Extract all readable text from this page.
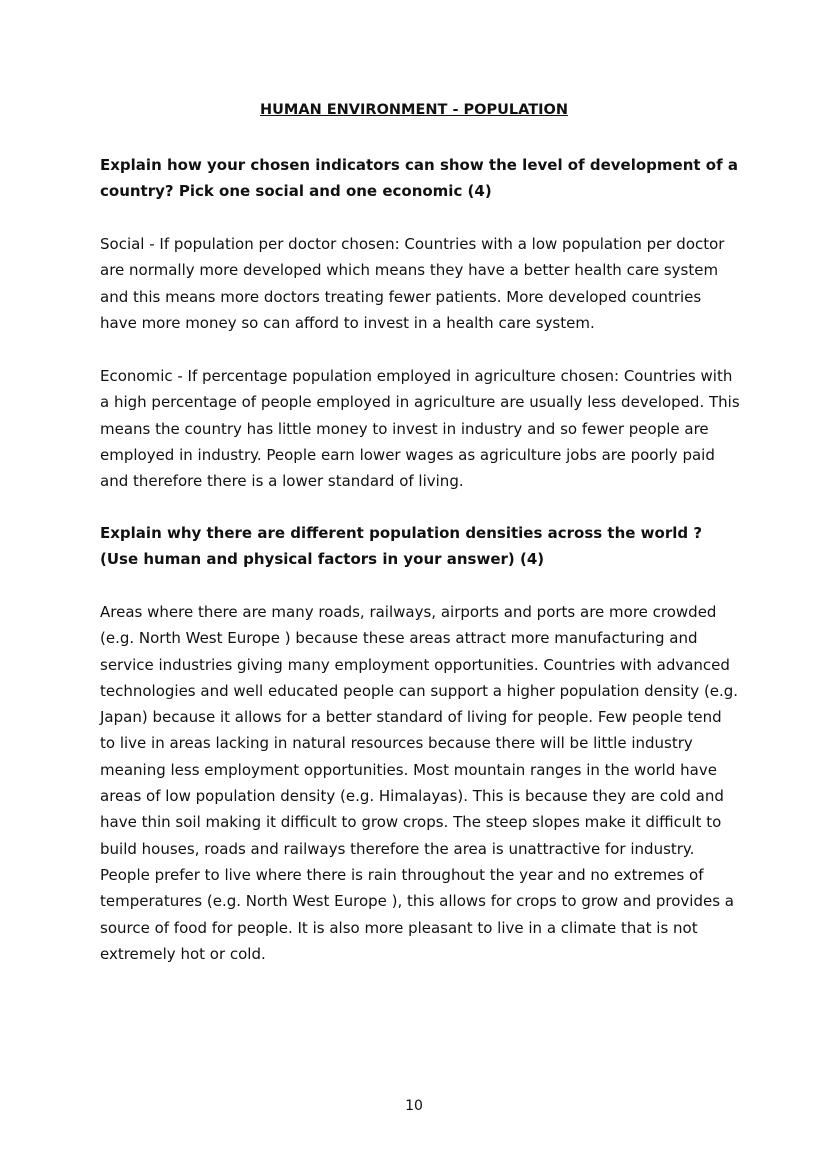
HUMAN ENVIRONMENT - POPULATION
Explain how your chosen indicators can show the level of development of a country? Pick one social and one economic (4)
Social - If population per doctor chosen: Countries with a low population per doctor are normally more developed which means they have a better health care system and this means more doctors treating fewer patients. More developed countries have more money so can afford to invest in a health care system.
Economic - If percentage population employed in agriculture chosen: Countries with a high percentage of people employed in agriculture are usually less developed. This means the country has little money to invest in industry and so fewer people are employed in industry. People earn lower wages as agriculture jobs are poorly paid and therefore there is a lower standard of living.
Explain why there are different population densities across the world ? (Use human and physical factors in your answer) (4)
Areas where there are many roads, railways, airports and ports are more crowded (e.g. North West Europe ) because these areas attract more manufacturing and service industries giving many employment opportunities. Countries with advanced technologies and well educated people can support a higher population density (e.g. Japan) because it allows for a better standard of living for people. Few people tend to live in areas lacking in natural resources because there will be little industry meaning less employment opportunities. Most mountain ranges in the world have areas of low population density (e.g. Himalayas). This is because they are cold and have thin soil making it difficult to grow crops. The steep slopes make it difficult to build houses, roads and railways therefore the area is unattractive for industry. People prefer to live where there is rain throughout the year and no extremes of temperatures (e.g. North West Europe ), this allows for crops to grow and provides a source of food for people. It is also more pleasant to live in a climate that is not extremely hot or cold.
10
